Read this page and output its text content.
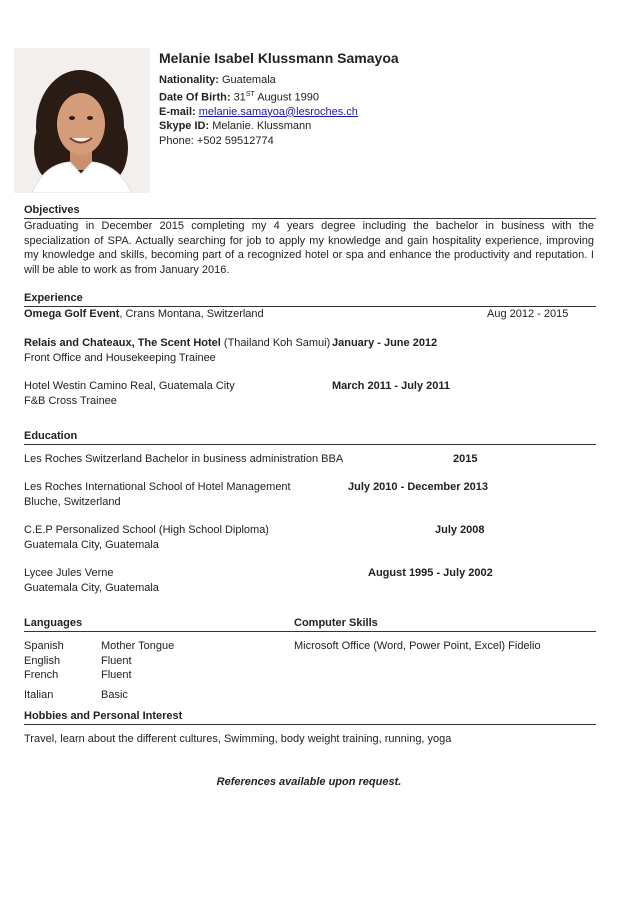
Melanie Isabel Klussmann Samayoa
Nationality: Guatemala
Date Of Birth: 31ST August 1990
E-mail: melanie.samayoa@lesroches.ch
Skype ID: Melanie. Klussmann
Phone: +502 59512774
Objectives
Graduating in December 2015 completing my 4 years degree including the bachelor in business with the specialization of SPA. Actually searching for job to apply my knowledge and gain hospitality experience, improving my knowledge and skills, becoming part of a recognized hotel or spa and enhance the productivity and reputation. I will be able to work as from January 2016.
Experience
Omega Golf Event, Crans Montana, Switzerland	Aug 2012 - 2015
Relais and Chateaux, The Scent Hotel (Thailand Koh Samui)
Front Office and Housekeeping Trainee
January - June 2012
Hotel Westin Camino Real, Guatemala City
F&B Cross Trainee
March 2011 - July 2011
Education
Les Roches Switzerland Bachelor in business administration BBA	2015
Les Roches International School of Hotel Management
Bluche, Switzerland
July 2010 - December 2013
C.E.P Personalized School (High School Diploma)
Guatemala City, Guatemala
July 2008
Lycee Jules Verne
Guatemala City, Guatemala
August 1995 - July 2002
Languages	Computer Skills
Spanish	Mother Tongue
English	Fluent
French	Fluent
Italian	Basic
Microsoft Office (Word, Power Point, Excel) Fidelio
Hobbies and Personal Interest
Travel, learn about the different cultures, Swimming, body weight training, running, yoga
References available upon request.
